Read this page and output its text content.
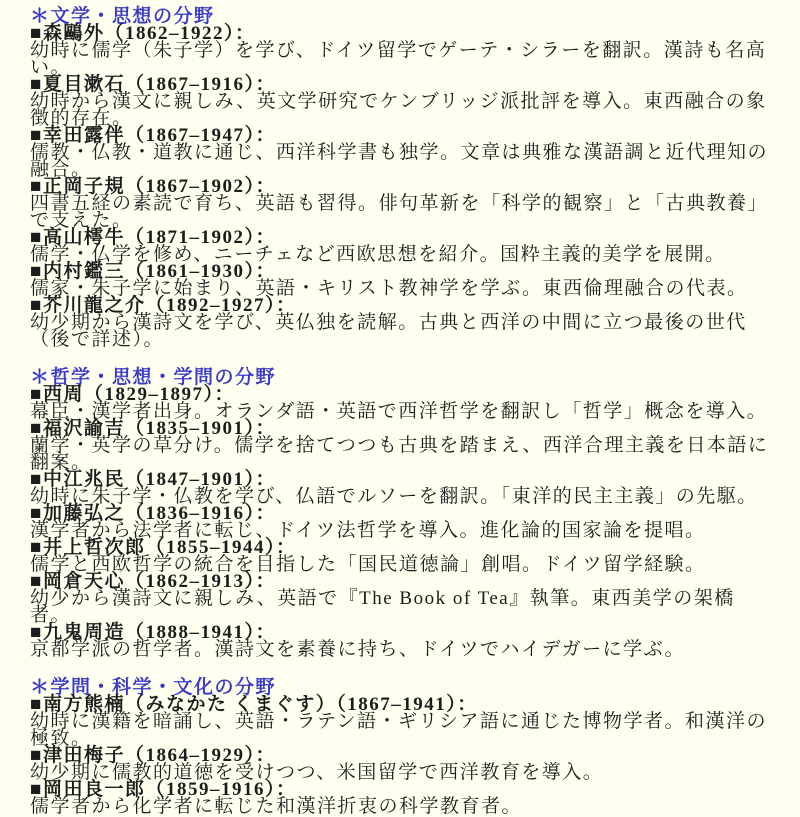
＊文学・思想の分野
■森鷗外（1862–1922）：
幼時に儒学（朱子学）を学び、ドイツ留学でゲーテ・シラーを翻訳。漢詩も名高い。
■夏目漱石（1867–1916）：
幼時から漢文に親しみ、英文学研究でケンブリッジ派批評を導入。東西融合の象徴的存在。
■幸田露伴（1867–1947）：
儒教・仏教・道教に通じ、西洋科学書も独学。文章は典雅な漢語調と近代理知の融合。
■正岡子規（1867–1902）：
四書五経の素読で育ち、英語も習得。俳句革新を「科学的観察」と「古典教養」で支えた。
■高山樗牛（1871–1902）：
儒学・仏学を修め、ニーチェなど西欧思想を紹介。国粋主義的美学を展開。
■内村鑑三（1861–1930）：
儒家・朱子学に始まり、英語・キリスト教神学を学ぶ。東西倫理融合の代表。
■芥川龍之介（1892–1927）：
幼少期から漢詩文を学び、英仏独を読解。古典と西洋の中間に立つ最後の世代（後で詳述）。
＊哲学・思想・学問の分野
■西周（1829–1897）：
幕臣・漢学者出身。オランダ語・英語で西洋哲学を翻訳し「哲学」概念を導入。
■福沢諭吉（1835–1901）：
蘭学・英学の草分け。儒学を捨てつつも古典を踏まえ、西洋合理主義を日本語に翻案。
■中江兆民（1847–1901）：
幼時に朱子学・仏教を学び、仏語でルソーを翻訳。「東洋的民主主義」の先駆。
■加藤弘之（1836–1916）：
漢学者から法学者に転じ、ドイツ法哲学を導入。進化論的国家論を提唱。
■井上哲次郎（1855–1944）：
儒学と西欧哲学の統合を目指した「国民道徳論」創唱。ドイツ留学経験。
■岡倉天心（1862–1913）：
幼少から漢詩文に親しみ、英語で『The Book of Tea』執筆。東西美学の架橋者。
■九鬼周造（1888–1941）：
京都学派の哲学者。漢詩文を素養に持ち、ドイツでハイデガーに学ぶ。
＊学問・科学・文化の分野
■南方熊楠（みなかた くまぐす）（1867–1941）：
幼時に漢籍を暗誦し、英語・ラテン語・ギリシア語に通じた博物学者。和漢洋の極致。
■津田梅子（1864–1929）：
幼少期に儒教的道徳を受けつつ、米国留学で西洋教育を導入。
■岡田良一郎（1859–1916）：
儒学者から化学者に転じた和漢洋折衷の科学教育者。
